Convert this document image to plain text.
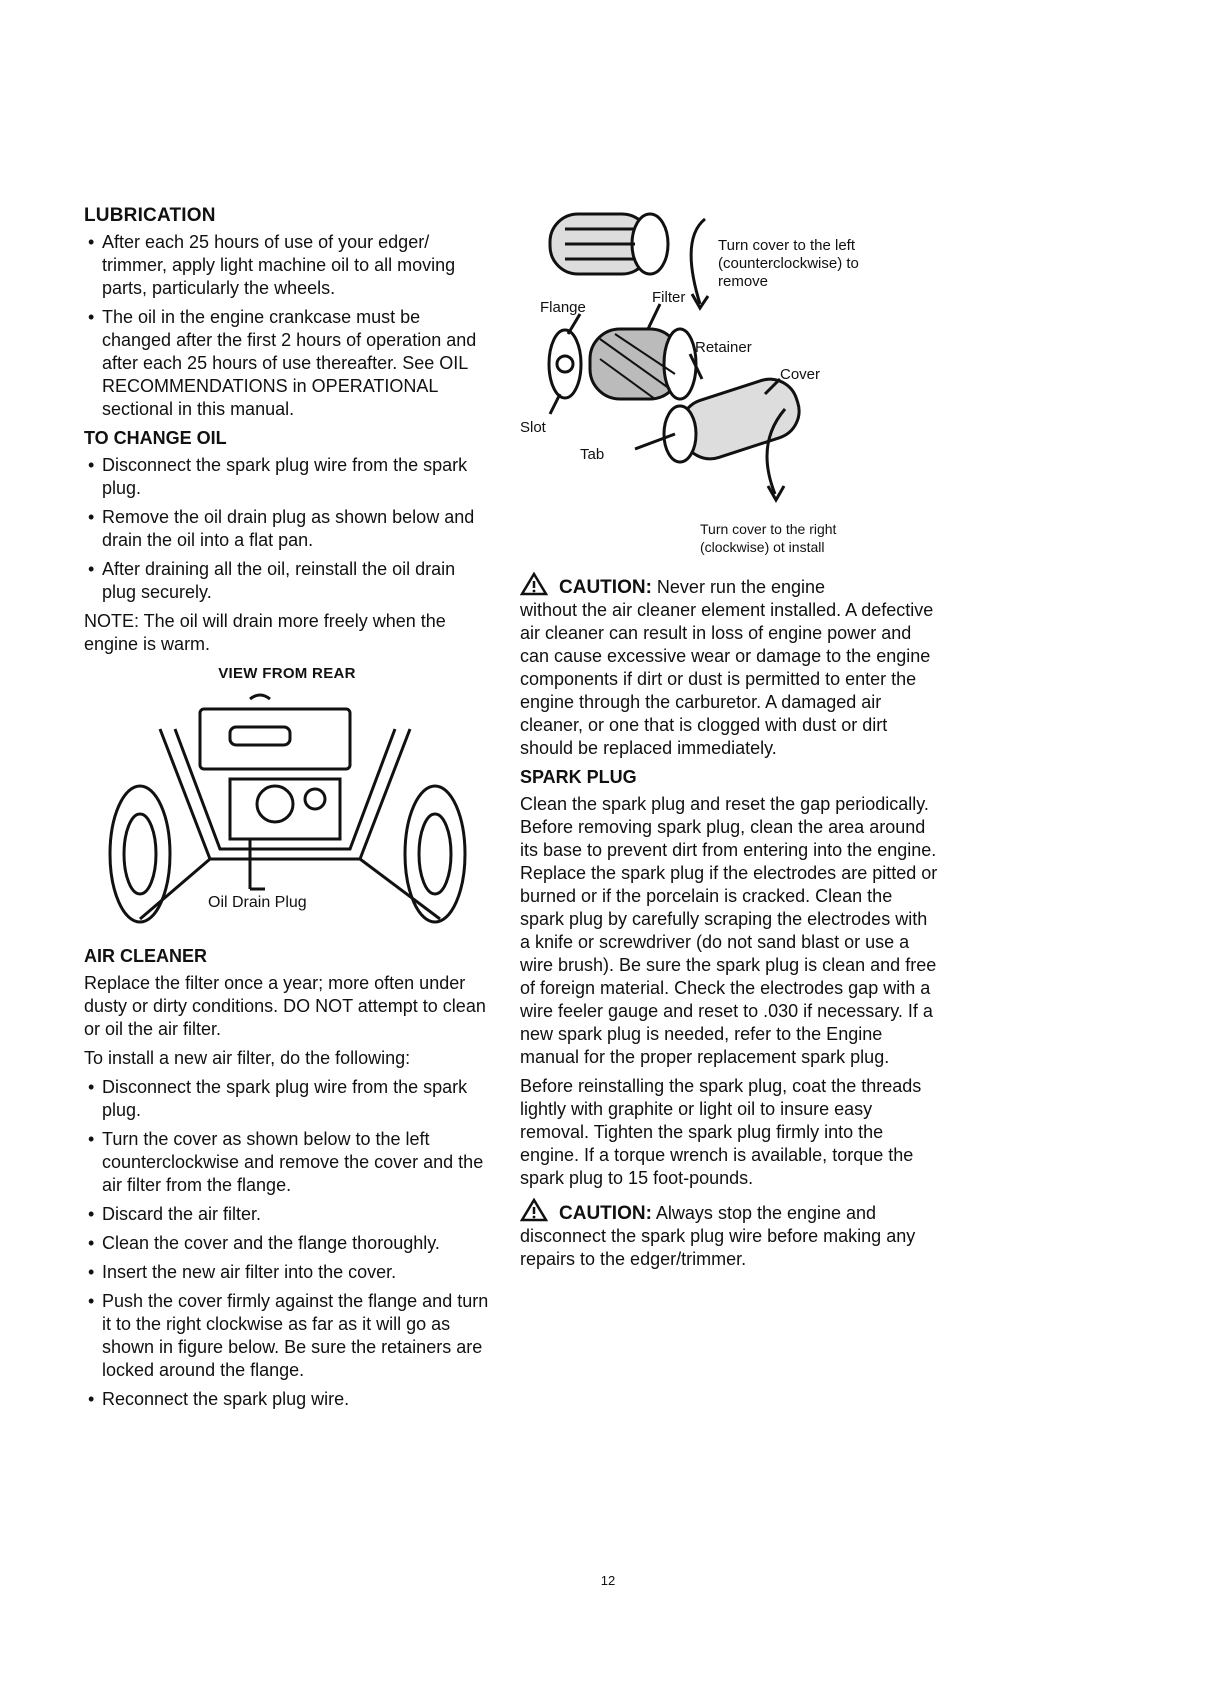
LUBRICATION
• After each 25 hours of use of your edger/ trimmer, apply light machine oil to all moving parts, particularly the wheels.
• The oil in the engine crankcase must be changed after the first 2 hours of operation and after each 25 hours of use thereafter. See OIL RECOMMENDATIONS in OPERATIONAL sectional in this manual.
TO CHANGE OIL
• Disconnect the spark plug wire from the spark plug.
• Remove the oil drain plug as shown below and drain the oil into a flat pan.
• After draining all the oil, reinstall the oil drain plug securely.

NOTE: The oil will drain more freely when the engine is warm.

VIEW FROM REAR
Oil Drain Plug
AIR CLEANER

Replace the filter once a year; more often under dusty or dirty conditions. DO NOT attempt to clean or oil the air filter.

To install a new air filter, do the following:

• Disconnect the spark plug wire from the spark plug.
• Turn the cover as shown below to the left counterclockwise and remove the cover and the air filter from the flange.
• Discard the air filter.
• Clean the cover and the flange thoroughly.
• Insert the new air filter into the cover.
• Push the cover firmly against the flange and turn it to the right clockwise as far as it will go as shown in figure below. Be sure the retainers are locked around the flange.
• Reconnect the spark plug wire.
Turn cover to the left (counterclockwise) to remove
Flange
Filter
Retainer
Cover
Slot
Tab
Turn cover to the right (clockwise) ot install
CAUTION: Never run the engine

without the air cleaner element installed. A defective air cleaner can result in loss of engine power and can cause excessive wear or damage to the engine components if dirt or dust is permitted to enter the engine through the carburetor. A damaged air cleaner, or one that is clogged with dust or dirt should be replaced immediately.

SPARK PLUG

Clean the spark plug and reset the gap periodically. Before removing spark plug, clean the area around its base to prevent dirt from entering into the engine. Replace the spark plug if the electrodes are pitted or burned or if the porcelain is cracked. Clean the spark plug by carefully scraping the electrodes with a knife or screwdriver (do not sand blast or use a wire brush). Be sure the spark plug is clean and free of foreign material. Check the electrodes gap with a wire feeler gauge and reset to .030 if necessary. If a new spark plug is needed, refer to the Engine manual for the proper replacement spark plug.

Before reinstalling the spark plug, coat the threads lightly with graphite or light oil to insure easy removal. Tighten the spark plug firmly into the engine. If a torque wrench is available, torque the spark plug to 15 foot-pounds.

CAUTION: Always stop the engine and disconnect the spark plug wire before making any repairs to the edger/trimmer.
12
